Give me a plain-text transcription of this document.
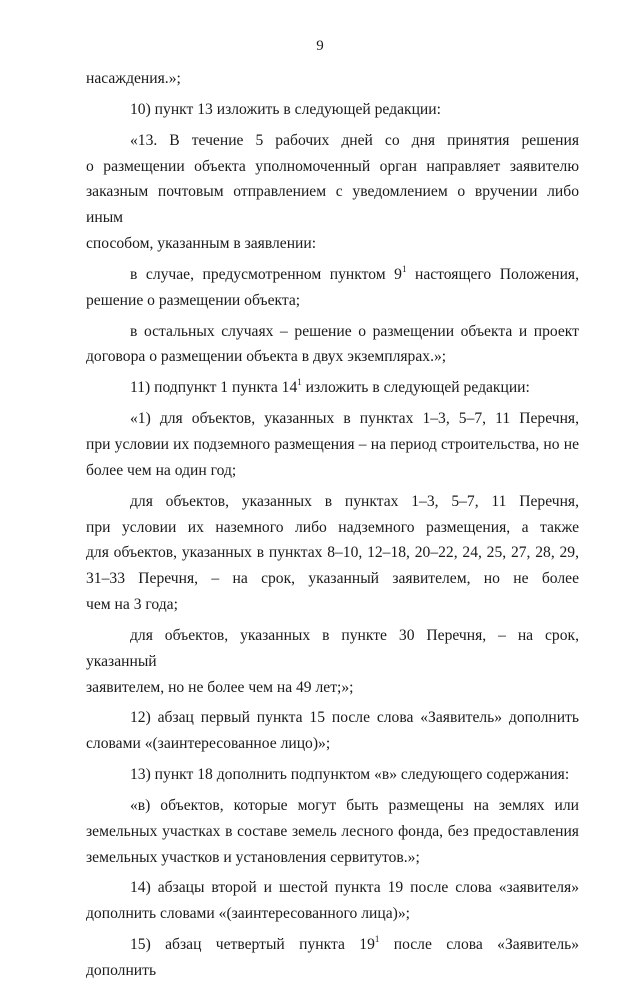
9
насаждения.»;
10) пункт 13 изложить в следующей редакции:
«13. В течение 5 рабочих дней со дня принятия решения
о размещении объекта уполномоченный орган направляет заявителю
заказным почтовым отправлением с уведомлением о вручении либо иным
способом, указанным в заявлении:
в случае, предусмотренном пунктом $9^1$ настоящего Положения,
решение о размещении объекта;
в остальных случаях – решение о размещении объекта и проект
договора о размещении объекта в двух экземплярах.»;
11) подпункт 1 пункта $14^1$ изложить в следующей редакции:
«1) для объектов, указанных в пунктах 1–3, 5–7, 11 Перечня,
при условии их подземного размещения – на период строительства, но не
более чем на один год;
для объектов, указанных в пунктах 1–3, 5–7, 11 Перечня,
при условии их наземного либо надземного размещения, а также
для объектов, указанных в пунктах 8–10, 12–18, 20–22, 24, 25, 27, 28, 29,
31–33 Перечня, – на срок, указанный заявителем, но не более
чем на 3 года;
для объектов, указанных в пункте 30 Перечня, – на срок, указанный
заявителем, но не более чем на 49 лет;»;
12) абзац первый пункта 15 после слова «Заявитель» дополнить
словами «(заинтересованное лицо)»;
13) пункт 18 дополнить подпунктом «в» следующего содержания:
«в) объектов, которые могут быть размещены на землях или
земельных участках в составе земель лесного фонда, без предоставления
земельных участков и установления сервитутов.»;
14) абзацы второй и шестой пункта 19 после слова «заявителя»
дополнить словами «(заинтересованного лица)»;
15) абзац четвертый пункта $19^1$ после слова «Заявитель» дополнить
